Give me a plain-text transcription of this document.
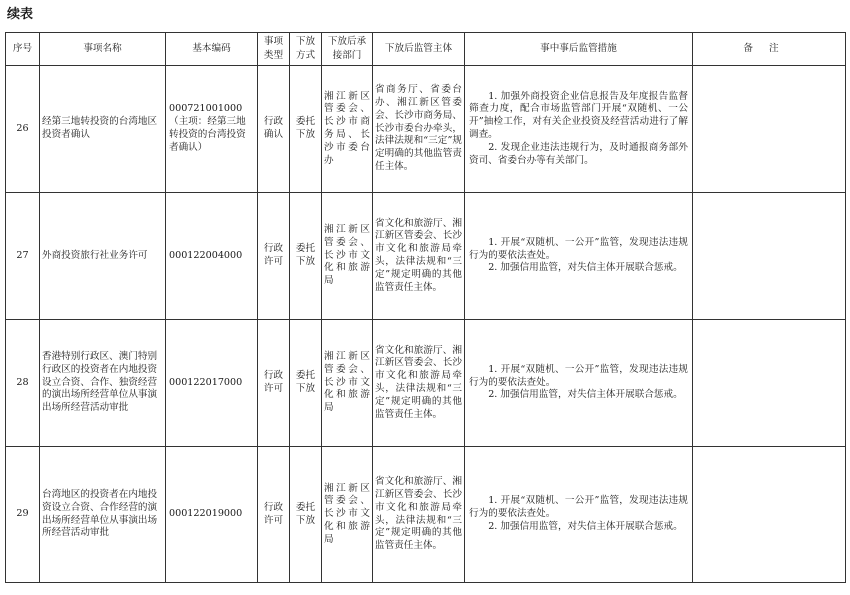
续表
序号	事项名称	基本编码	事项类型	下放方式	下放后承接部门	下放后监管主体	事中事后监管措施	备注
26	经第三地转投资的台湾地区投资者确认	000721001000（主项：经第三地转投资的台湾投资者确认）	行政确认	委托下放	湘江新区管委会、长沙市商务局、长沙市委台办	省商务厅、省委台办、湘江新区管委会、长沙市商务局、长沙市委台办牵头，法律法规和“三定”规定明确的其他监管责任主体。	1. 加强外商投资企业信息报告及年度报告监督筛查力度，配合市场监管部门开展“双随机、一公开”抽检工作，对有关企业投资及经营活动进行了解调查。

2. 发现企业违法违规行为，及时通报商务部外资司、省委台办等有关部门。	

27	外商投资旅行社业务许可	000122004000	行政许可	委托下放	湘江新区管委会、长沙市文化和旅游局	省文化和旅游厅、湘江新区管委会、长沙市文化和旅游局牵头，法律法规和“三定”规定明确的其他监管责任主体。	1. 开展“双随机、一公开”监管，发现违法违规行为的要依法查处。

2. 加强信用监管，对失信主体开展联合惩戒。	

28	香港特别行政区、澳门特别行政区的投资者在内地投资设立合资、合作、独资经营的演出场所经营单位从事演出场所经营活动审批	000122017000	行政许可	委托下放	湘江新区管委会、长沙市文化和旅游局	省文化和旅游厅、湘江新区管委会、长沙市文化和旅游局牵头，法律法规和“三定”规定明确的其他监管责任主体。	1. 开展“双随机、一公开”监管，发现违法违规行为的要依法查处。

2. 加强信用监管，对失信主体开展联合惩戒。	

29	台湾地区的投资者在内地投资设立合资、合作经营的演出场所经营单位从事演出场所经营活动审批	000122019000	行政许可	委托下放	湘江新区管委会、长沙市文化和旅游局	省文化和旅游厅、湘江新区管委会、长沙市文化和旅游局牵头，法律法规和“三定”规定明确的其他监管责任主体。	1. 开展“双随机、一公开”监管，发现违法违规行为的要依法查处。

2. 加强信用监管，对失信主体开展联合惩戒。	
